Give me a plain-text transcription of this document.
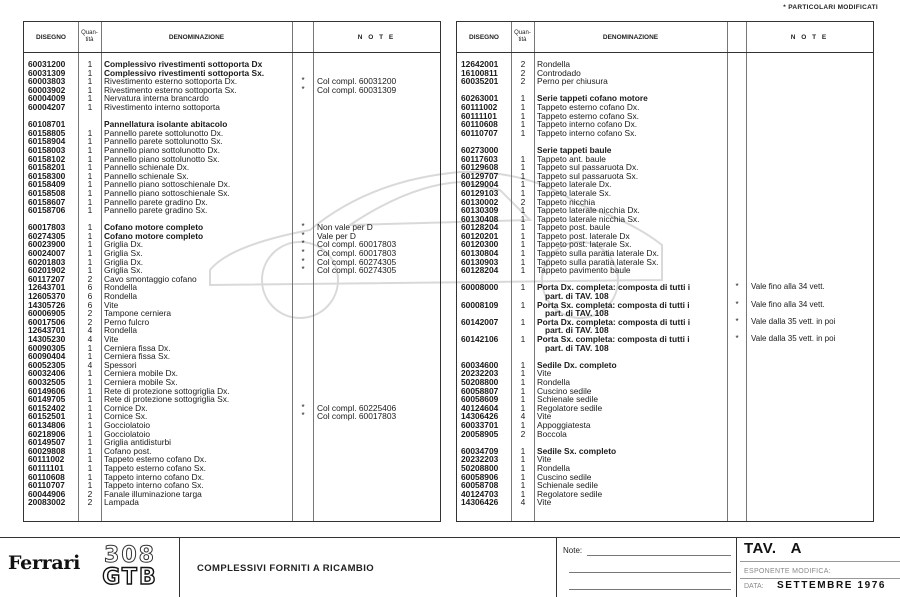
* PARTICOLARI MODIFICATI
DISEGNO
Quan-
tità	DENOMINAZIONE	N O T E
60031200	1	Complessivo rivestimenti sottoporta Dx
60031309	1	Complessivo rivestimenti sottoporta Sx.
60003803	1	Rivestimento esterno sottoporta Dx.	*	Col compl. 60031200
60003902	1	Rivestimento esterno sottoporta Sx.	*	Col compl. 60031309
60004009	1	Nervatura interna brancardo
60004207	1	Rivestimento interno sottoporta
60108701	Pannellatura isolante abitacolo
60158805	1	Pannello parete sottolunotto Dx.
60158904	1	Pannello parete sottolunotto Sx.
60158003	1	Pannello piano sottolunotto Dx.
60158102	1	Pannello piano sottolunotto Sx.
60158201	1	Pannello schienale Dx.
60158300	1	Pannello schienale Sx.
60158409	1	Pannello piano sottoschienale Dx.
60158508	1	Pannello piano sottoschienale Sx.
60158607	1	Pannello parete gradino Dx.
60158706	1	Pannello parete gradino Sx.
60017803	1	Cofano motore completo	*	Non vale per D
60274305	1	Cofano motore completo	*	Vale per D
60023900	1	Griglia Dx.	*	Col compl. 60017803
60024007	1	Griglia Sx.	*	Col compl. 60017803
60201803	1	Griglia Dx.	*	Col compl. 60274305
60201902	1	Griglia Sx.	*	Col compl. 60274305
60117207	2	Cavo smontaggio cofano
12643701	6	Rondella
12605370	6	Rondella
14305726	6	Vite
60006905	2	Tampone cerniera
60017506	2	Perno fulcro
12643701	4	Rondella
14305230	4	Vite
60090305	1	Cerniera fissa Dx.
60090404	1	Cerniera fissa Sx.
60052305	4	Spessori
60032406	1	Cerniera mobile Dx.
60032505	1	Cerniera mobile Sx.
60149606	1	Rete di protezione sottogriglia Dx.
60149705	1	Rete di protezione sottogriglia Sx.
60152402	1	Cornice Dx.	*	Col compl. 60225406
60152501	1	Cornice Sx.	*	Col compl. 60017803
60134806	1	Gocciolatoio
60218906	1	Gocciolatoio
60149507	1	Griglia antidisturbi
60029808	1	Cofano post.
60111002	1	Tappeto esterno cofano Dx.
60111101	1	Tappeto esterno cofano Sx.
60110608	1	Tappeto interno cofano Dx.
60110707	1	Tappeto interno cofano Sx.
60044906	2	Fanale illuminazione targa
20083002	2	Lampada
DISEGNO
Quan-
tità	DENOMINAZIONE	N O T E
12642001	2	Rondella
16100811	2	Controdado
60035201	2	Perno per chiusura
60263001	1	Serie tappeti cofano motore
60111002	1	Tappeto esterno cofano Dx.
60111101	1	Tappeto esterno cofano Sx.
60110608	1	Tappeto interno cofano Dx.
60110707	1	Tappeto interno cofano Sx.
60273000	Serie tappeti baule
60117603	1	Tappeto ant. baule
60129608	1	Tappeto sul passaruota Dx.
60129707	1	Tappeto sul passaruota Sx.
60129004	1	Tappeto laterale Dx.
60129103	1	Tappeto laterale Sx.
60130002	2	Tappeto nicchia
60130309	1	Tappeto laterale nicchia Dx.
60130408	1	Tappeto laterale nicchia Sx.
60128204	1	Tappeto post. baule
60120201	1	Tappeto post. laterale Dx
60120300	1	Tappeto post. laterale Sx.
60130804	1	Tappeto sulla paratia laterale Dx.
60130903	1	Tappeto sulla paratia laterale Sx.
60128204	1	Tappeto pavimento baule
60008000	1	Porta Dx. completa: composta di tutti i
part. di TAV. 108
*	Vale fino alla 34 vett.
60008109	1	Porta Sx. completa: composta di tutti i
part. di TAV. 108
*	Vale fino alla 34 vett.
60142007	1	Porta Dx. completa: composta di tutti i
part. di TAV. 108
*	Vale dalla 35 vett. in poi
60142106	1	Porta Sx. completa: composta di tutti i
part. di TAV. 108
*	Vale dalla 35 vett. in poi
60034600	1	Sedile Dx. completo
20232203	1	Vite
50208800	1	Rondella
60058807	1	Cuscino sedile
60058609	1	Schienale sedile
40124604	1	Regolatore sedile
14306426	4	Vite
60033701	1	Appoggiatesta
20058905	2	Boccola
60034709	1	Sedile Sx. completo
20232203	1	Vite
50208800	1	Rondella
60058906	1	Cuscino sedile
60058708	1	Schienale sedile
40124703	1	Regolatore sedile
14306426	4	Vite
Ferrari	308
GTB	COMPLESSIVI FORNITI A RICAMBIO
Note:	TAV. A
ESPONENTE MODIFICA:
DATA: SETTEMBRE 1976
